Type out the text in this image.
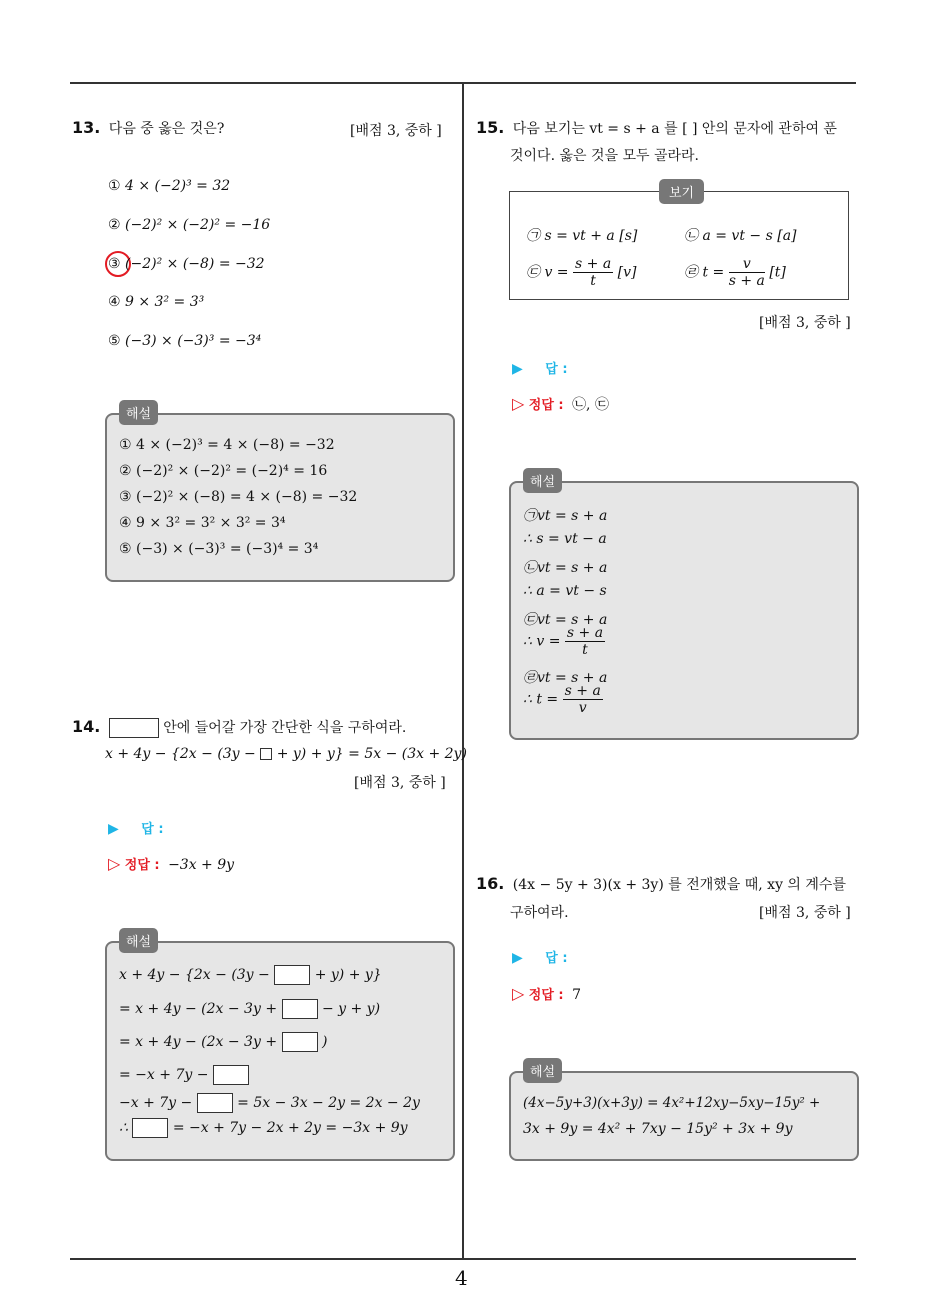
4
13. 다음 중 옳은 것은?	[배점 3, 중하 ]
① 4 × (−2)³ = 32
② (−2)² × (−2)² = −16
③ (−2)² × (−8) = −32
④ 9 × 3² = 3³
⑤ (−3) × (−3)³ = −3⁴
① 4 × (−2)³ = 4 × (−8) = −32
② (−2)² × (−2)² = (−2)⁴ = 16
③ (−2)² × (−8) = 4 × (−8) = −32
④ 9 × 3² = 3² × 3² = 3⁴
⑤ (−3) × (−3)³ = (−3)⁴ = 3⁴
해설
14.	안에 들어갈 가장 간단한 식을 구하여라.
x + 4y − {2x − (3y − + y) + y} = 5x − (3x + 2y)
[배점 3, 중하 ]
▶ 답 :
▷ 정답 : −3x + 9y
x + 4y − {2x − (3y −	+ y) + y}
= x + 4y − (2x − 3y +	− y + y)
= x + 4y − (2x − 3y +	)
= −x + 7y −
−x + 7y −	= 5x − 3x − 2y = 2x − 2y
∴	= −x + 7y − 2x + 2y = −3x + 9y
해설
15. 다음 보기는 vt = s + a 를 [ ] 안의 문자에 관하여 푼
것이다. 옳은 것을 모두 골라라.
㉠ s = vt + a [s]	㉡ a = vt − s [a]
㉢ $v = \frac{s + a}{t} [v]$	㉣ $t = \frac{v}{s + a} [t]$
보기
[배점 3, 중하 ]
▶ 답 :
▷ 정답 : ㉡, ㉢
㉠vt = s + a
∴ s = vt − a
㉡vt = s + a
∴ a = vt − s
㉢vt = s + a
∴ $v = \frac{s + a}{t}$
㉣vt = s + a
∴ $t = \frac{s + a}{v}$
해설
16. (4x − 5y + 3)(x + 3y) 를 전개했을 때, xy 의 계수를
구하여라.	[배점 3, 중하 ]
▶ 답 :
▷ 정답 : 7
(4x−5y+3)(x+3y) = 4x²+12xy−5xy−15y² +
3x + 9y = 4x² + 7xy − 15y² + 3x + 9y
해설
